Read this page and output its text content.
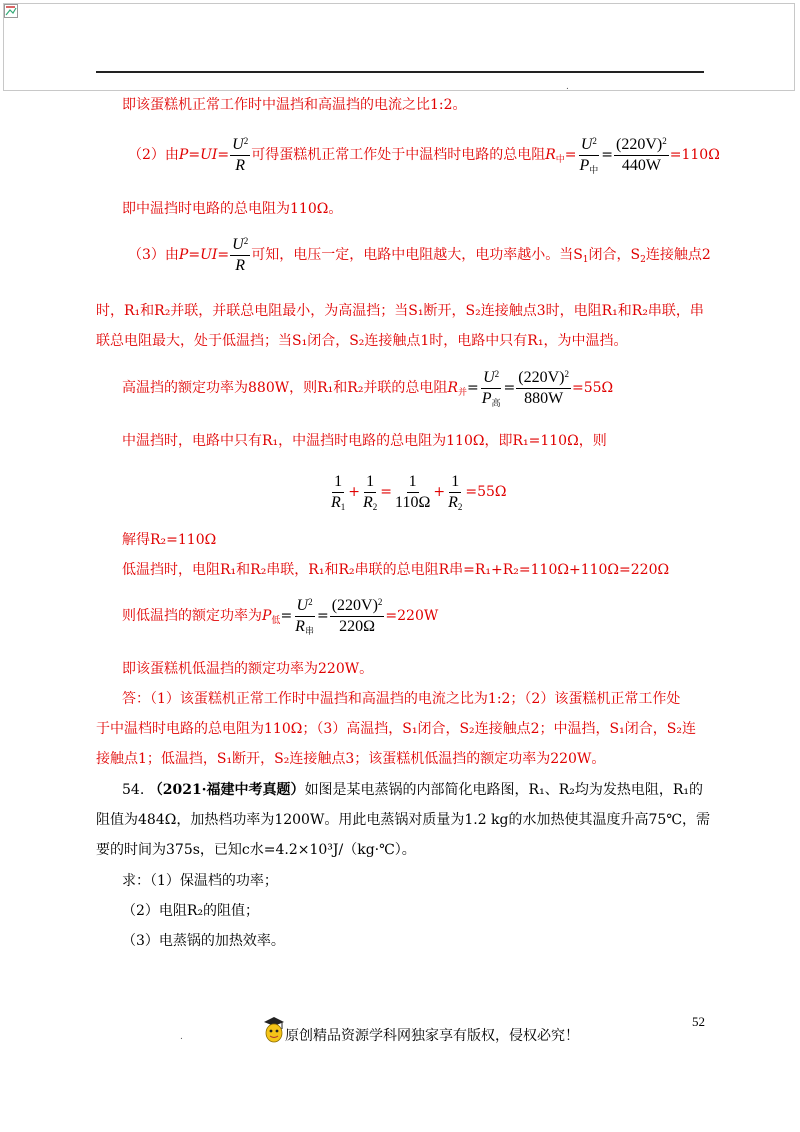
.
即该蛋糕机正常工作时中温挡和高温挡的电流之比1:2。
（2）由$P=UI= \frac{U^2}{R}$ 可得蛋糕机正常工作处于中温档时电路的总电阻$R_中= \frac{U^2}{P_中} = \frac{(220V)^2}{440W} =110\Omega$
即中温挡时电路的总电阻为110Ω。
（3）由$P=UI= \frac{U^2}{R}$ 可知，电压一定，电路中电阻越大，电功率越小。当$S_1$闭合，$S_2$连接触点2
时，R₁和R₂并联，并联总电阻最小，为高温挡；当S₁断开，S₂连接触点3时，电阻R₁和R₂串联，串
联总电阻最大，处于低温挡；当S₁闭合，S₂连接触点1时，电路中只有R₁，为中温挡。
高温挡的额定功率为880W，则R₁和R₂并联的总电阻$R_并= \frac{U^2}{P_高} = \frac{(220V)^2}{880W} =55\Omega$
中温挡时，电路中只有R₁，中温挡时电路的总电阻为110Ω，即R₁=110Ω，则
$\frac{1}{R_1} + \frac{1}{R_2} = \frac{1}{110\Omega} + \frac{1}{R_2} =55\Omega$
解得R₂=110Ω
低温挡时，电阻R₁和R₂串联，R₁和R₂串联的总电阻R串=R₁+R₂=110Ω+110Ω=220Ω
则低温挡的额定功率为$P_低= \frac{U^2}{R_串} = \frac{(220V)^2}{220\Omega} =220W$
即该蛋糕机低温挡的额定功率为220W。
答：（1）该蛋糕机正常工作时中温挡和高温挡的电流之比为1:2；（2）该蛋糕机正常工作处
于中温档时电路的总电阻为110Ω；（3）高温挡，S₁闭合，S₂连接触点2；中温挡，S₁闭合，S₂连
接触点1；低温挡，S₁断开，S₂连接触点3；该蛋糕机低温挡的额定功率为220W。
54. （2021·福建中考真题）如图是某电蒸锅的内部简化电路图，R₁、R₂均为发热电阻，R₁的
阻值为484Ω，加热档功率为1200W。用此电蒸锅对质量为1.2 kg的水加热使其温度升高75℃，需
要的时间为375s，已知c水=4.2×10³J/（kg·℃）。
求：（1）保温档的功率；
（2）电阻R₂的阻值；
（3）电蒸锅的加热效率。
52
.	原创精品资源学科网独家享有版权，侵权必究！
